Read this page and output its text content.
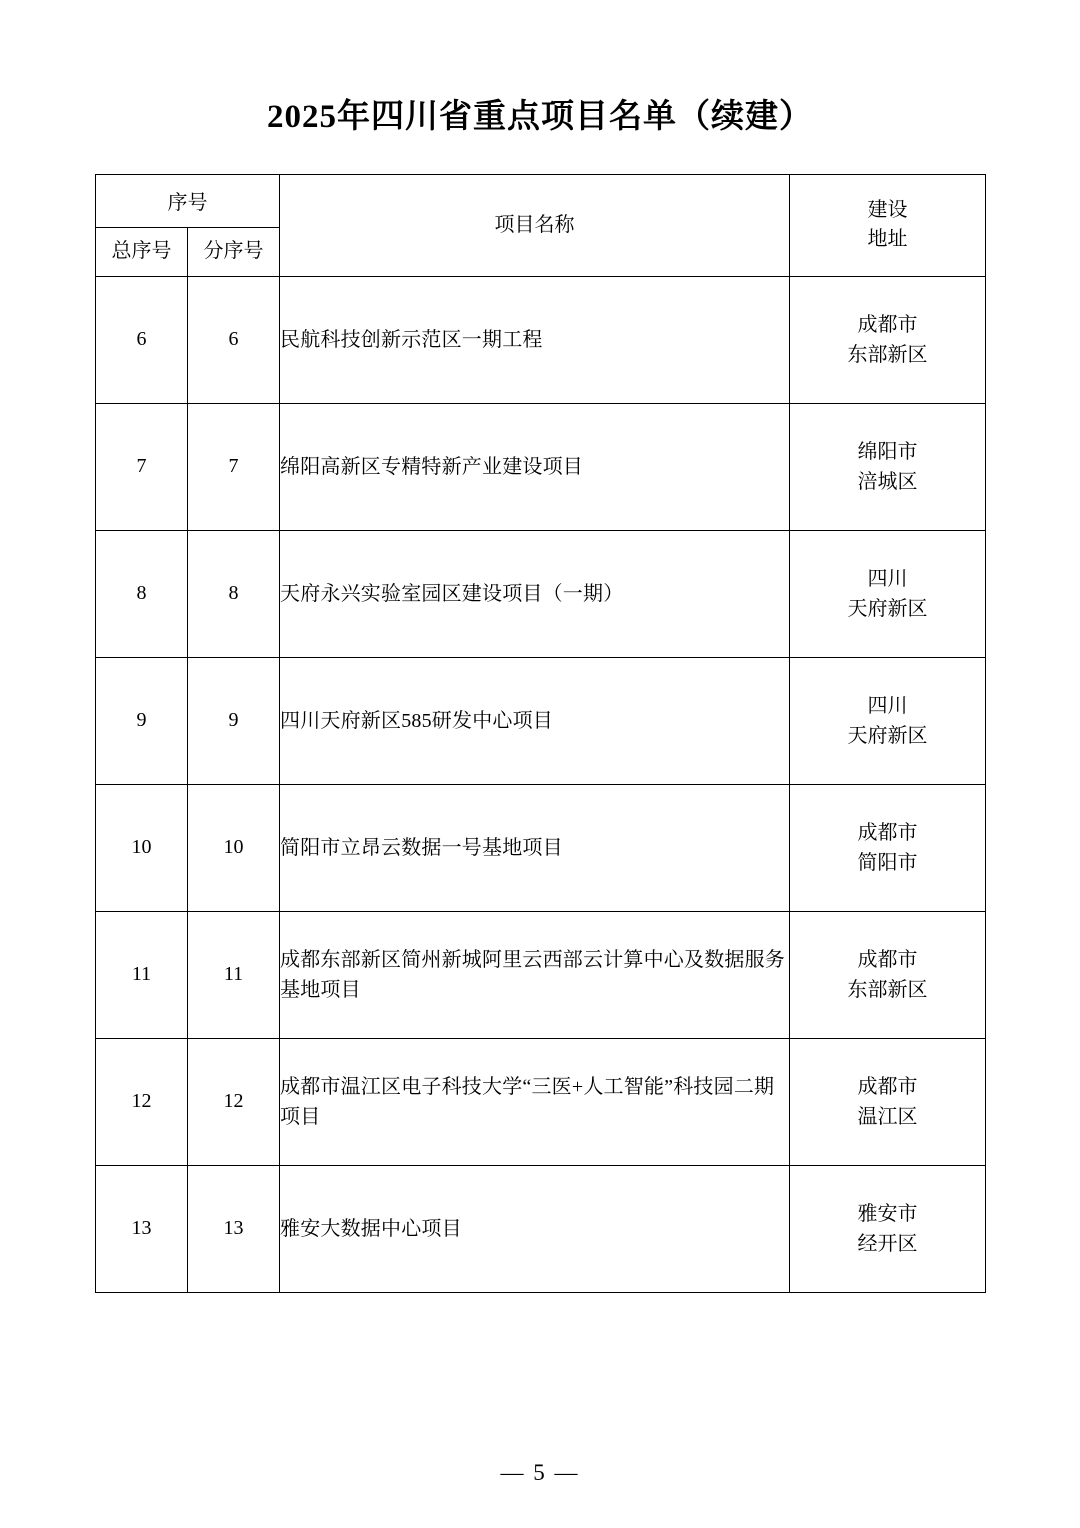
2025年四川省重点项目名单（续建）
序号		项目名称	建设
地址

总序号	分序号		
6	6	民航科技创新示范区一期工程	成都市
东部新区

7	7	绵阳高新区专精特新产业建设项目	绵阳市
涪城区

8	8	天府永兴实验室园区建设项目（一期）	四川
天府新区

9	9	四川天府新区585研发中心项目	四川
天府新区

10	10	简阳市立昂云数据一号基地项目	成都市
简阳市

11	11	成都东部新区简州新城阿里云西部云计算中心及数据服务基地项目	成都市
东部新区

12	12	成都市温江区电子科技大学“三医+人工智能”科技园二期项目	成都市
温江区

13	13	雅安大数据中心项目	雅安市
经开区
— 5 —
